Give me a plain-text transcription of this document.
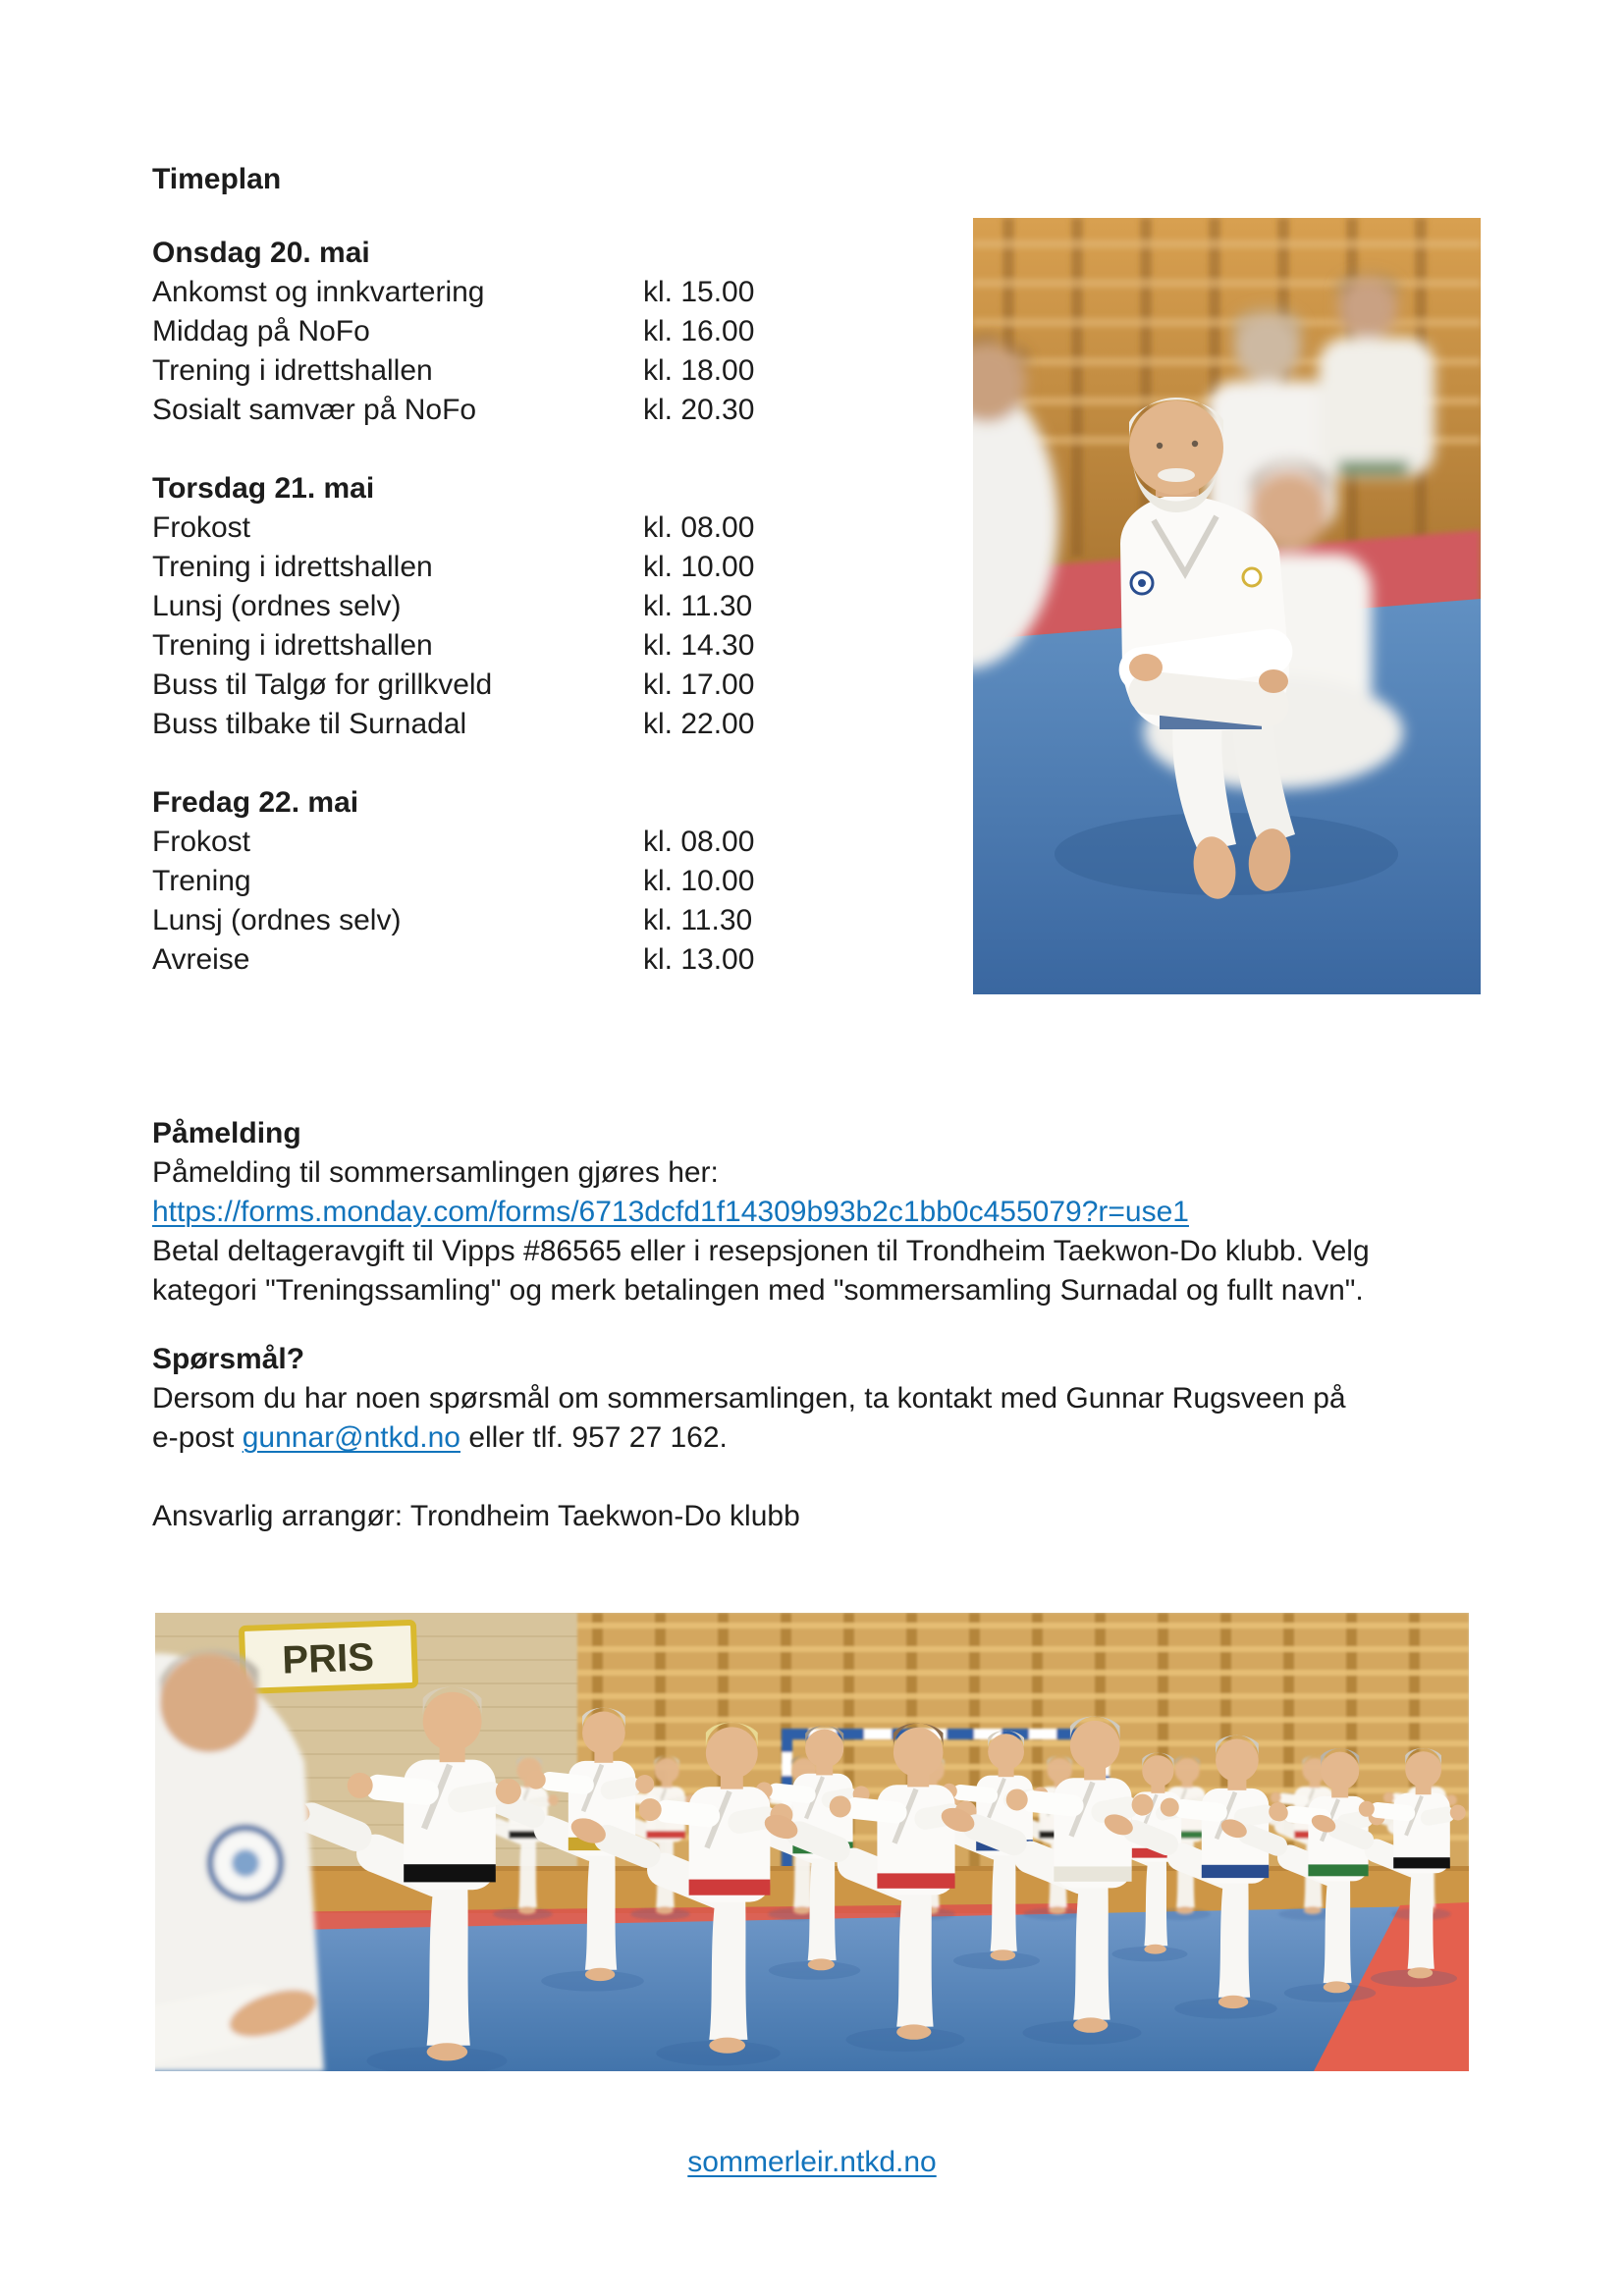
Timeplan
Onsdag 20. mai
Ankomst og innkvartering	kl. 15.00
Middag på NoFo	kl. 16.00
Trening i idrettshallen	kl. 18.00
Sosialt samvær på NoFo	kl. 20.30
Torsdag 21. mai
Frokost	kl. 08.00
Trening i idrettshallen	kl. 10.00
Lunsj (ordnes selv)	kl. 11.30
Trening i idrettshallen	kl. 14.30
Buss til Talgø for grillkveld	kl. 17.00
Buss tilbake til Surnadal	kl. 22.00
Fredag 22. mai
Frokost	kl. 08.00
Trening	kl. 10.00
Lunsj (ordnes selv)	kl. 11.30
Avreise	kl. 13.00
Påmelding
Påmelding til sommersamlingen gjøres her:
https://forms.monday.com/forms/6713dcfd1f14309b93b2c1bb0c455079?r=use1
Betal deltageravgift til Vipps #86565 eller i resepsjonen til Trondheim Taekwon-Do klubb. Velg
kategori "Treningssamling" og merk betalingen med "sommersamling Surnadal og fullt navn".
Spørsmål?
Dersom du har noen spørsmål om sommersamlingen, ta kontakt med Gunnar Rugsveen på
e-post gunnar@ntkd.no eller tlf. 957 27 162.
Ansvarlig arrangør: Trondheim Taekwon-Do klubb
PRIS
sommerleir.ntkd.no
